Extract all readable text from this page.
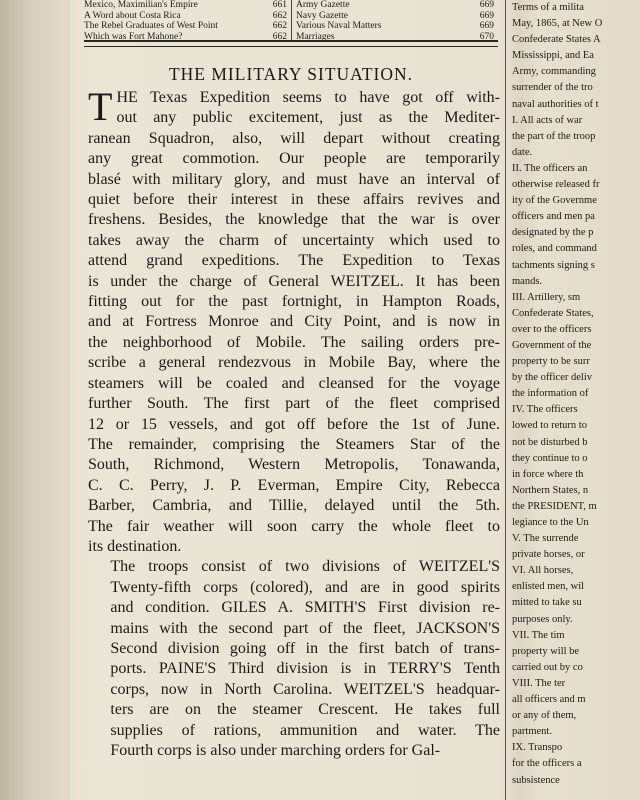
Mexico, Maximilian's Empire	661 Army Gazette	669
A Word about Costa Rica	662 Navy Gazette	669
The Rebel Graduates of West Point	662 Various Naval Matters	669
Which was Fort Mahone?	662 Marriages	670
THE MILITARY SITUATION.

T HE Texas Expedition seems to have got off with-
out any public excitement, just as the Mediter-
ranean Squadron, also, will depart without creating
any great commotion. Our people are temporarily
blasé with military glory, and must have an interval of
quiet before their interest in these affairs revives and
freshens. Besides, the knowledge that the war is over
takes away the charm of uncertainty which used to
attend grand expeditions. The Expedition to Texas
is under the charge of General WEITZEL. It has been
fitting out for the past fortnight, in Hampton Roads,
and at Fortress Monroe and City Point, and is now in
the neighborhood of Mobile. The sailing orders pre-
scribe a general rendezvous in Mobile Bay, where the
steamers will be coaled and cleansed for the voyage
further South. The first part of the fleet comprised
12 or 15 vessels, and got off before the 1st of June.
The remainder, comprising the Steamers Star of the
South, Richmond, Western Metropolis, Tonawanda,
C. C. Perry, J. P. Everman, Empire City, Rebecca
Barber, Cambria, and Tillie, delayed until the 5th.
The fair weather will soon carry the whole fleet to
its destination.

The troops consist of two divisions of WEITZEL'S
Twenty-fifth corps (colored), and are in good spirits
and condition. GILES A. SMITH'S First division re-
mains with the second part of the fleet, JACKSON'S
Second division going off in the first batch of trans-
ports. PAINE'S Third division is in TERRY'S Tenth
corps, now in North Carolina. WEITZEL'S headquar-
ters are on the steamer Crescent. He takes full
supplies of rations, ammunition and water. The
Fourth corps is also under marching orders for Gal-

Terms of a milita
May, 1865, at New O
Confederate States A
Mississippi, and Ea
Army, commanding
surrender of the tro
naval authorities of t
I. All acts of war
the part of the troop
date.
II. The officers an
otherwise released fr
ity of the Governme
officers and men pa
designated by the p
roles, and command
tachments signing s
mands.
III. Artillery, sm
Confederate States,
over to the officers
Government of the
property to be surr
by the officer deliv
the information of
IV. The officers
lowed to return to
not be disturbed b
they continue to o
in force where th
Northern States, n
the PRESIDENT, m
legiance to the Un
V. The surrende
private horses, or
VI. All horses,
enlisted men, wil
mitted to take su
purposes only.
VII. The tim
property will be
carried out by co
VIII. The ter
all officers and m
or any of them,
partment.
IX. Transpo
for the officers a
subsistence
